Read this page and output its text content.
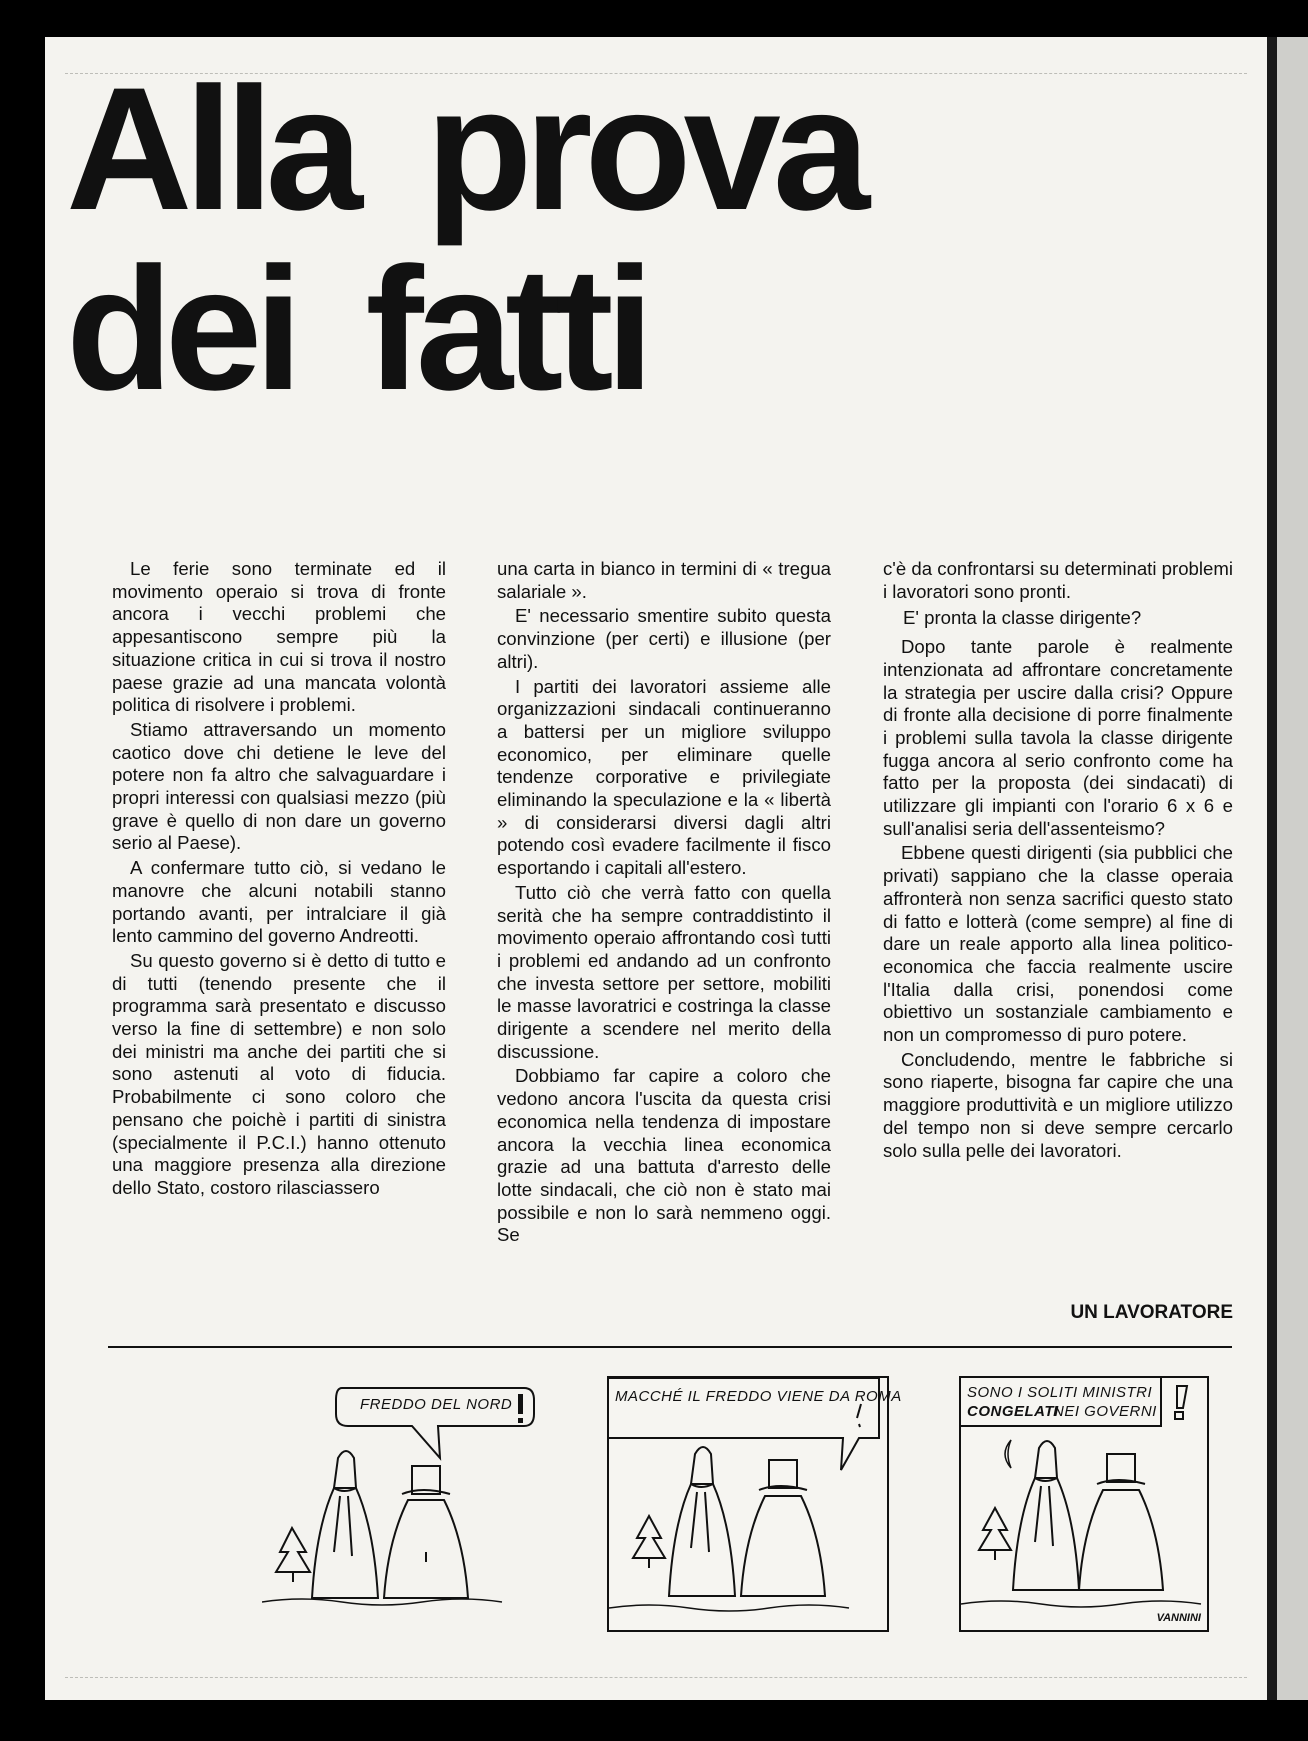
Alla prova
dei fatti

Le ferie sono terminate ed il movimento operaio si trova di fronte ancora i vecchi problemi che appesantiscono sempre più la situazione critica in cui si trova il nostro paese grazie ad una mancata volontà politica di risolvere i problemi.

Stiamo attraversando un momento caotico dove chi detiene le leve del potere non fa altro che salvaguardare i propri interessi con qualsiasi mezzo (più grave è quello di non dare un governo serio al Paese).

A confermare tutto ciò, si vedano le manovre che alcuni notabili stanno portando avanti, per intralciare il già lento cammino del governo Andreotti.

Su questo governo si è detto di tutto e di tutti (tenendo presente che il programma sarà presentato e discusso verso la fine di settembre) e non solo dei ministri ma anche dei partiti che si sono astenuti al voto di fiducia. Probabilmente ci sono coloro che pensano che poichè i partiti di sinistra (specialmente il P.C.I.) hanno ottenuto una maggiore presenza alla direzione dello Stato, costoro rilasciassero

una carta in bianco in termini di « tregua salariale ».

E' necessario smentire subito questa convinzione (per certi) e illusione (per altri).

I partiti dei lavoratori assieme alle organizzazioni sindacali continueranno a battersi per un migliore sviluppo economico, per eliminare quelle tendenze corporative e privilegiate eliminando la speculazione e la « libertà » di considerarsi diversi dagli altri potendo così evadere facilmente il fisco esportando i capitali all'estero.

Tutto ciò che verrà fatto con quella serità che ha sempre contraddistinto il movimento operaio affrontando così tutti i problemi ed andando ad un confronto che investa settore per settore, mobiliti le masse lavoratrici e costringa la classe dirigente a scendere nel merito della discussione.

Dobbiamo far capire a coloro che vedono ancora l'uscita da questa crisi economica nella tendenza di impostare ancora la vecchia linea economica grazie ad una battuta d'arresto delle lotte sindacali, che ciò non è stato mai possibile e non lo sarà nemmeno oggi. Se

c'è da confrontarsi su determinati problemi i lavoratori sono pronti.

E' pronta la classe dirigente?

Dopo tante parole è realmente intenzionata ad affrontare concretamente la strategia per uscire dalla crisi? Oppure di fronte alla decisione di porre finalmente i problemi sulla tavola la classe dirigente fugga ancora al serio confronto come ha fatto per la proposta (dei sindacati) di utilizzare gli impianti con l'orario 6 x 6 e sull'analisi seria dell'assenteismo?

Ebbene questi dirigenti (sia pubblici che privati) sappiano che la classe operaia affronterà non senza sacrifici questo stato di fatto e lotterà (come sempre) al fine di dare un reale apporto alla linea politico-economica che faccia realmente uscire l'Italia dalla crisi, ponendosi come obiettivo un sostanziale cambiamento e non un compromesso di puro potere.

Concludendo, mentre le fabbriche si sono riaperte, bisogna far capire che una maggiore produttività e un migliore utilizzo del tempo non si deve sempre cercarlo solo sulla pelle dei lavoratori.

UN LAVORATORE

FREDDO DEL NORD	MACCHÉ IL FREDDO VIENE DA ROMA	SONO I SOLITI MINISTRI
CONGELATI
NEI GOVERNI
VANNINI
